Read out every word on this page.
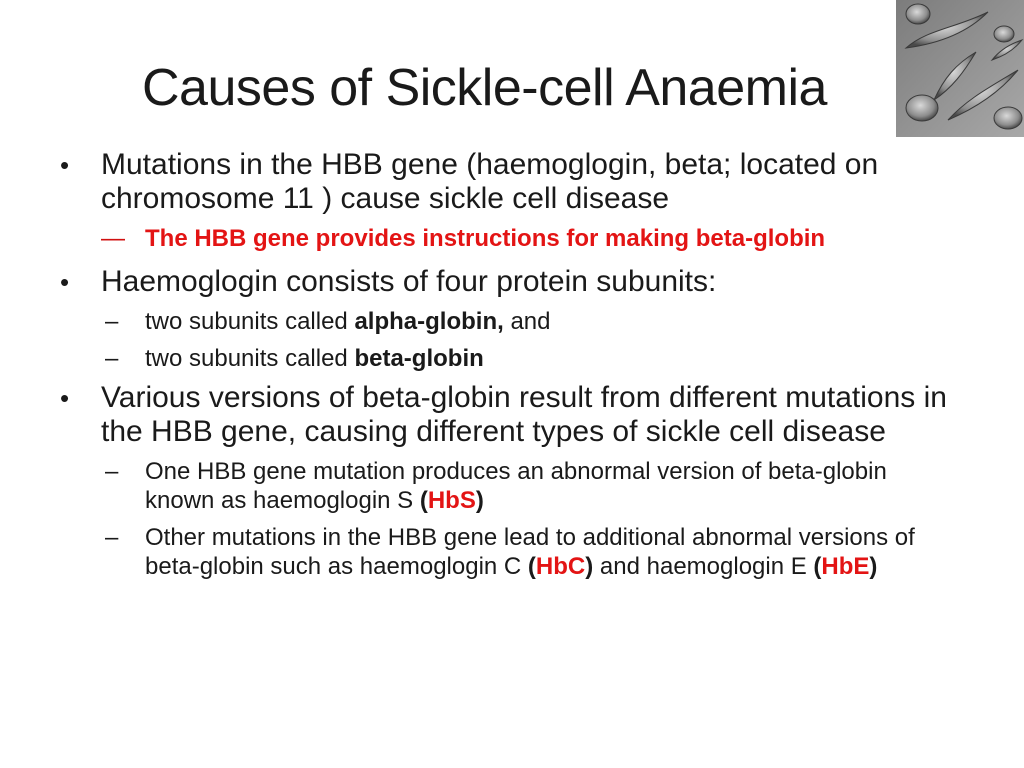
Causes of Sickle-cell Anaemia
•	Mutations in the HBB gene (haemoglogin, beta; located on chromosome 11 ) cause sickle cell disease
— The HBB gene provides instructions for making beta-globin
•	Haemoglogin consists of four protein subunits:
–	two subunits called alpha-globin, and
–	two subunits called beta-globin
•	Various versions of beta-globin result from different mutations in the HBB gene, causing different types of sickle cell disease
–	One HBB gene mutation produces an abnormal version of beta-globin known as haemoglogin S (HbS)
–	Other mutations in the HBB gene lead to additional abnormal versions of beta-globin such as haemoglogin C (HbC) and haemoglogin E (HbE)
